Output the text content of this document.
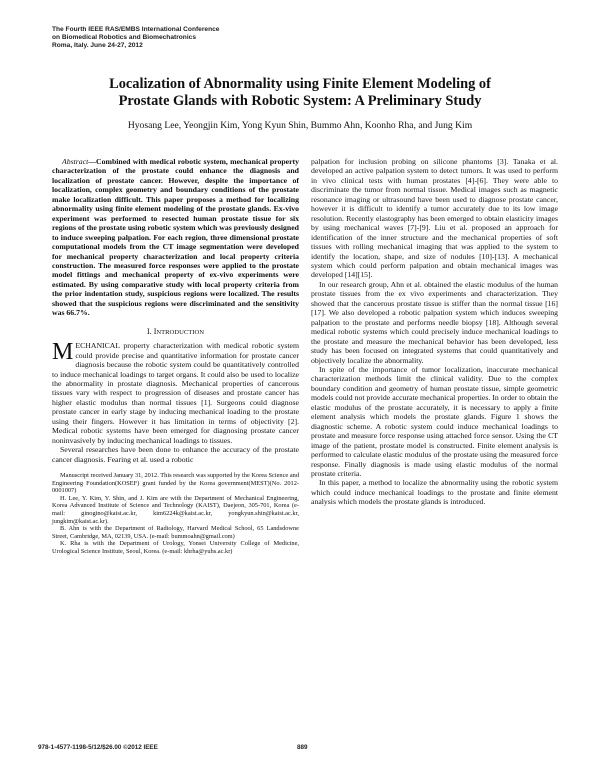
The Fourth IEEE RAS/EMBS International Conference
on Biomedical Robotics and Biomechatronics
Roma, Italy. June 24-27, 2012
Localization of Abnormality using Finite Element Modeling of
Prostate Glands with Robotic System: A Preliminary Study
Hyosang Lee, Yeongjin Kim, Yong Kyun Shin, Bummo Ahn, Koonho Rha, and Jung Kim

Abstract—Combined with medical robotic system, mechanical property characterization of the prostate could enhance the diagnosis and localization of prostate cancer. However, despite the importance of localization, complex geometry and boundary conditions of the prostate make localization difficult. This paper proposes a method for localizing abnormality using finite element modeling of the prostate glands. Ex-vivo experiment was performed to resected human prostate tissue for six regions of the prostate using robotic system which was previously designed to induce sweeping palpation. For each region, three dimensional prostate computational models from the CT image segmentation were developed for mechanical property characterization and local property criteria construction. The measured force responses were applied to the prostate model fittings and mechanical property of ex-vivo experiments were estimated. By using comparative study with local property criteria from the prior indentation study, suspicious regions were localized. The results showed that the suspicious regions were discriminated and the sensitivity was 66.7%.

I. INTRODUCTION

MECHANICAL property characterization with medical robotic system could provide precise and quantitative information for prostate cancer diagnosis because the robotic system could be quantitatively controlled to induce mechanical loadings to target organs. It could also be used to localize the abnormality in prostate diagnosis. Mechanical properties of cancerous tissues vary with respect to progression of diseases and prostate cancer has higher elastic modulus than normal tissues [1]. Surgeons could diagnose prostate cancer in early stage by inducing mechanical loading to the prostate using their fingers. However it has limitation in terms of objectivity [2]. Medical robotic systems have been emerged for diagnosing prostate cancer noninvasively by inducing mechanical loadings to tissues.

Several researches have been done to enhance the accuracy of the prostate cancer diagnosis. Fearing et al. used a robotic

Manuscript received January 31, 2012. This research was supported by the Korea Science and Engineering Foundation(KOSEF) grant funded by the Korea government(MEST)(No. 2012-0001007)

H. Lee, Y. Kim, Y. Shin, and J. Kim are with the Department of Mechanical Engineering, Korea Advanced Institute of Science and Technology (KAIST), Daejeon, 305-701, Korea (e-mail: ginogino@kaist.ac.kr, kim6224k@kaist.ac.kr, yongkyun.shin@kaist.ac.kr, jungkim@kaist.ac.kr).

B. Ahn is with the Department of Radiology, Harvard Medical School, 65 Landsdowne Street, Cambridge, MA, 02139, USA. (e-mail: bummoahn@gmail.com)

K. Rha is with the Department of Urology, Yonsei University College of Medicine, Urological Science Institute, Seoul, Korea. (e-mail: khrha@yuhs.ac.kr)

palpation for inclusion probing on silicone phantoms [3]. Tanaka et al. developed an active palpation system to detect tumors. It was used to perform in vivo clinical tests with human prostates [4]-[6]. They were able to discriminate the tumor from normal tissue. Medical images such as magnetic resonance imaging or ultrasound have been used to diagnose prostate cancer, however it is difficult to identify a tumor accurately due to its low image resolution. Recently elastography has been emerged to obtain elasticity images by using mechanical waves [7]-[9]. Liu et al. proposed an approach for identification of the inner structure and the mechanical properties of soft tissues with rolling mechanical imaging that was applied to the system to identify the location, shape, and size of nodules [10]-[13]. A mechanical system which could perform palpation and obtain mechanical images was developed [14][15].

In our research group, Ahn et al. obtained the elastic modulus of the human prostate tissues from the ex vivo experiments and characterization. They showed that the cancerous prostate tissue is stiffer than the normal tissue [16][17]. We also developed a robotic palpation system which induces sweeping palpation to the prostate and performs needle biopsy [18]. Although several medical robotic systems which could precisely induce mechanical loadings to the prostate and measure the mechanical behavior has been developed, less study has been focused on integrated systems that could quantitatively and objectively localize the abnormality.

In spite of the importance of tumor localization, inaccurate mechanical characterization methods limit the clinical validity. Due to the complex boundary condition and geometry of human prostate tissue, simple geometric models could not provide accurate mechanical properties. In order to obtain the elastic modulus of the prostate accurately, it is necessary to apply a finite element analysis which models the prostate glands. Figure 1 shows the diagnostic scheme. A robotic system could induce mechanical loadings to prostate and measure force response using attached force sensor. Using the CT image of the patient, prostate model is constructed. Finite element analysis is performed to calculate elastic modulus of the prostate using the measured force response. Finally diagnosis is made using elastic modulus of the normal prostate criteria.

In this paper, a method to localize the abnormality using the robotic system which could induce mechanical loadings to the prostate and finite element analysis which models the prostate glands is introduced.

978-1-4577-1198-5/12/$26.00 ©2012 IEEE	889
